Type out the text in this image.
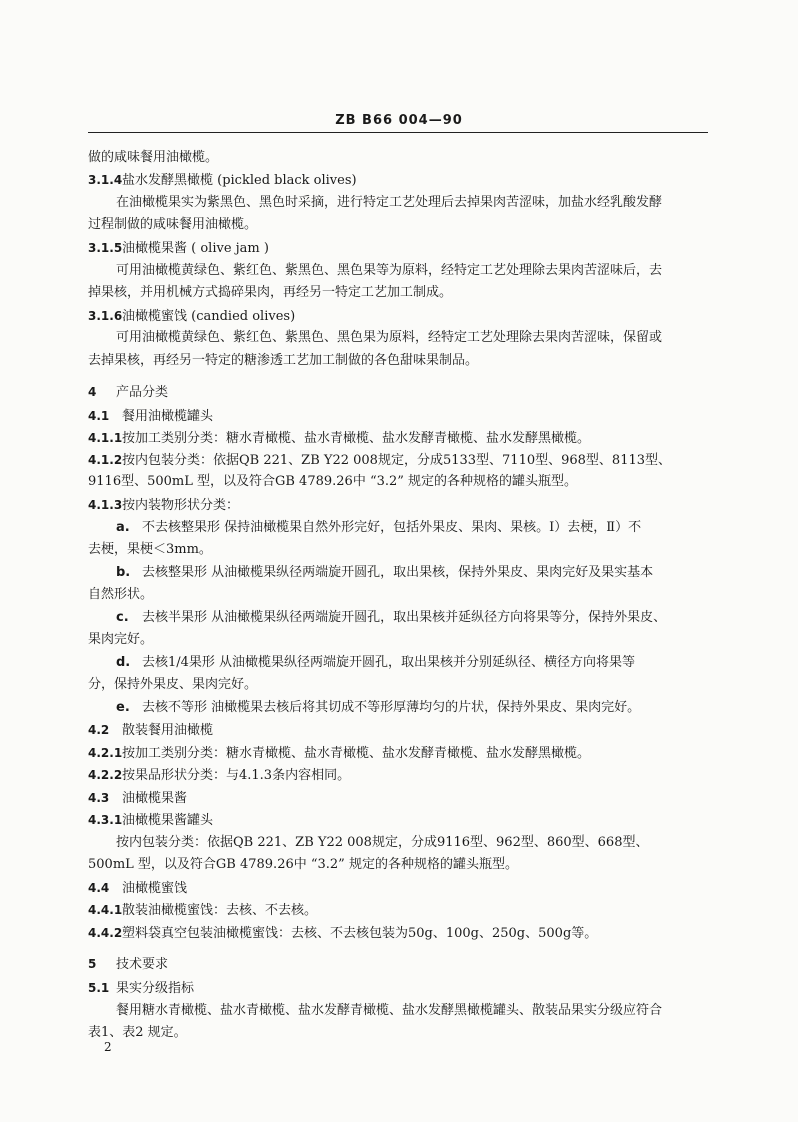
ZB B66 004—90
做的咸味餐用油橄榄。
3.1.4盐水发酵黑橄榄 (pickled black olives)
在油橄榄果实为紫黑色、黑色时采摘，进行特定工艺处理后去掉果肉苦涩味，加盐水经乳酸发酵
过程制做的咸味餐用油橄榄。
3.1.5油橄榄果酱 ( olive jam )
可用油橄榄黄绿色、紫红色、紫黑色、黑色果等为原料，经特定工艺处理除去果肉苦涩味后，去
掉果核，并用机械方式捣碎果肉，再经另一特定工艺加工制成。
3.1.6油橄榄蜜饯 (candied olives)
可用油橄榄黄绿色、紫红色、紫黑色、黑色果为原料，经特定工艺处理除去果肉苦涩味，保留或
去掉果核，再经另一特定的糖渗透工艺加工制做的各色甜味果制品。
4 产品分类
4.1 餐用油橄榄罐头
4.1.1按加工类别分类：糖水青橄榄、盐水青橄榄、盐水发酵青橄榄、盐水发酵黑橄榄。
4.1.2按内包装分类：依据QB 221、ZB Y22 008规定，分成5133型、7110型、968型、8113型、
9116型、500mL 型，以及符合GB 4789.26中 “3.2” 规定的各种规格的罐头瓶型。
4.1.3按内装物形状分类：
a. 不去核整果形 保持油橄榄果自然外形完好，包括外果皮、果肉、果核。Ⅰ）去梗，Ⅱ）不
去梗，果梗＜3mm。
b. 去核整果形 从油橄榄果纵径两端旋开圆孔，取出果核，保持外果皮、果肉完好及果实基本
自然形状。
c. 去核半果形 从油橄榄果纵径两端旋开圆孔，取出果核并延纵径方向将果等分，保持外果皮、
果肉完好。
d. 去核1/4果形 从油橄榄果纵径两端旋开圆孔，取出果核并分别延纵径、横径方向将果等
分，保持外果皮、果肉完好。
e. 去核不等形 油橄榄果去核后将其切成不等形厚薄均匀的片状，保持外果皮、果肉完好。
4.2 散装餐用油橄榄
4.2.1按加工类别分类：糖水青橄榄、盐水青橄榄、盐水发酵青橄榄、盐水发酵黑橄榄。
4.2.2按果品形状分类：与4.1.3条内容相同。
4.3 油橄榄果酱
4.3.1油橄榄果酱罐头
按内包装分类：依据QB 221、ZB Y22 008规定，分成9116型、962型、860型、668型、
500mL 型，以及符合GB 4789.26中 “3.2” 规定的各种规格的罐头瓶型。
4.4 油橄榄蜜饯
4.4.1散装油橄榄蜜饯：去核、不去核。
4.4.2塑料袋真空包装油橄榄蜜饯：去核、不去核包装为50g、100g、250g、500g等。
5 技术要求
5.1 果实分级指标
餐用糖水青橄榄、盐水青橄榄、盐水发酵青橄榄、盐水发酵黑橄榄罐头、散装品果实分级应符合
表1、表2 规定。
2
